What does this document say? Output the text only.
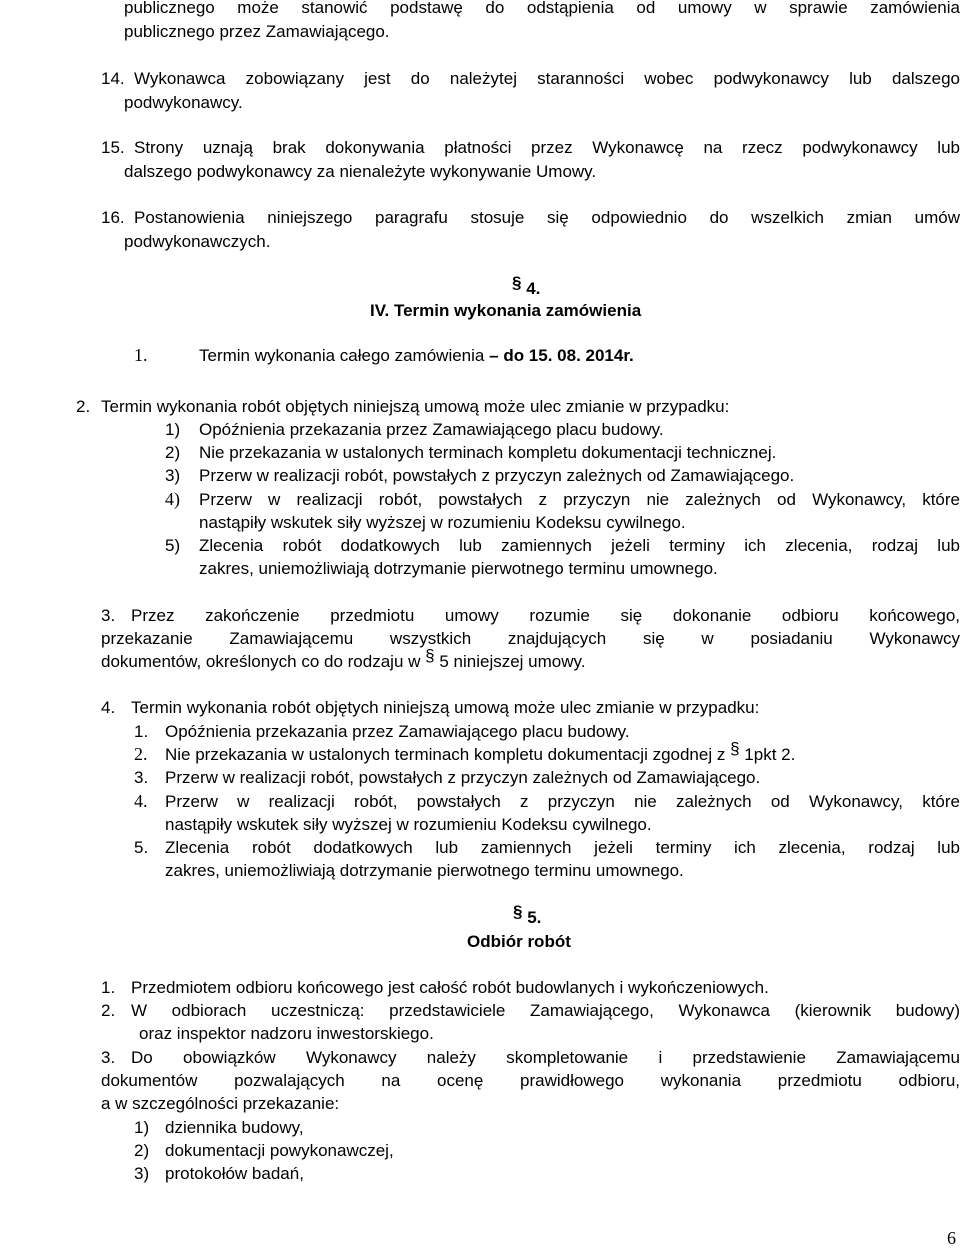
publicznego może stanowić podstawę do odstąpienia od umowy w sprawie zamówienia
publicznego przez Zamawiającego.
14. Wykonawca zobowiązany jest do należytej staranności wobec podwykonawcy lub dalszego
podwykonawcy.
15. Strony uznają brak dokonywania płatności przez Wykonawcę na rzecz podwykonawcy lub
dalszego podwykonawcy za nienależyte wykonywanie Umowy.
16. Postanowienia niniejszego paragrafu stosuje się odpowiednio do wszelkich zmian umów
podwykonawczych.
§ 4.
IV. Termin wykonania zamówienia
1.	Termin wykonania całego zamówienia – do 15. 08. 2014r.
2. Termin wykonania robót objętych niniejszą umową może ulec zmianie w przypadku:
1) Opóźnienia przekazania przez Zamawiającego placu budowy.
2) Nie przekazania w ustalonych terminach kompletu dokumentacji technicznej.
3) Przerw w realizacji robót, powstałych z przyczyn zależnych od Zamawiającego.
4) Przerw w realizacji robót, powstałych z przyczyn nie zależnych od Wykonawcy, które
nastąpiły wskutek siły wyższej w rozumieniu Kodeksu cywilnego.
5) Zlecenia robót dodatkowych lub zamiennych jeżeli terminy ich zlecenia, rodzaj lub
zakres, uniemożliwiają dotrzymanie pierwotnego terminu umownego.
3. Przez zakończenie przedmiotu umowy rozumie się dokonanie odbioru końcowego,
przekazanie Zamawiającemu wszystkich znajdujących się w posiadaniu Wykonawcy
dokumentów, określonych co do rodzaju w § 5 niniejszej umowy.
4. Termin wykonania robót objętych niniejszą umową może ulec zmianie w przypadku:
1. Opóźnienia przekazania przez Zamawiającego placu budowy.
2. Nie przekazania w ustalonych terminach kompletu dokumentacji zgodnej z § 1pkt 2.
3. Przerw w realizacji robót, powstałych z przyczyn zależnych od Zamawiającego.
4. Przerw w realizacji robót, powstałych z przyczyn nie zależnych od Wykonawcy, które
nastąpiły wskutek siły wyższej w rozumieniu Kodeksu cywilnego.
5. Zlecenia robót dodatkowych lub zamiennych jeżeli terminy ich zlecenia, rodzaj lub
zakres, uniemożliwiają dotrzymanie pierwotnego terminu umownego.
§ 5.
Odbiór robót
1. Przedmiotem odbioru końcowego jest całość robót budowlanych i wykończeniowych.
2. W odbiorach uczestniczą: przedstawiciele Zamawiającego, Wykonawca (kierownik budowy)
oraz inspektor nadzoru inwestorskiego.
3. Do obowiązków Wykonawcy należy skompletowanie i przedstawienie Zamawiającemu
dokumentów pozwalających na ocenę prawidłowego wykonania przedmiotu odbioru,
a w szczególności przekazanie:
1) dziennika budowy,
2) dokumentacji powykonawczej,
3) protokołów badań,
6
